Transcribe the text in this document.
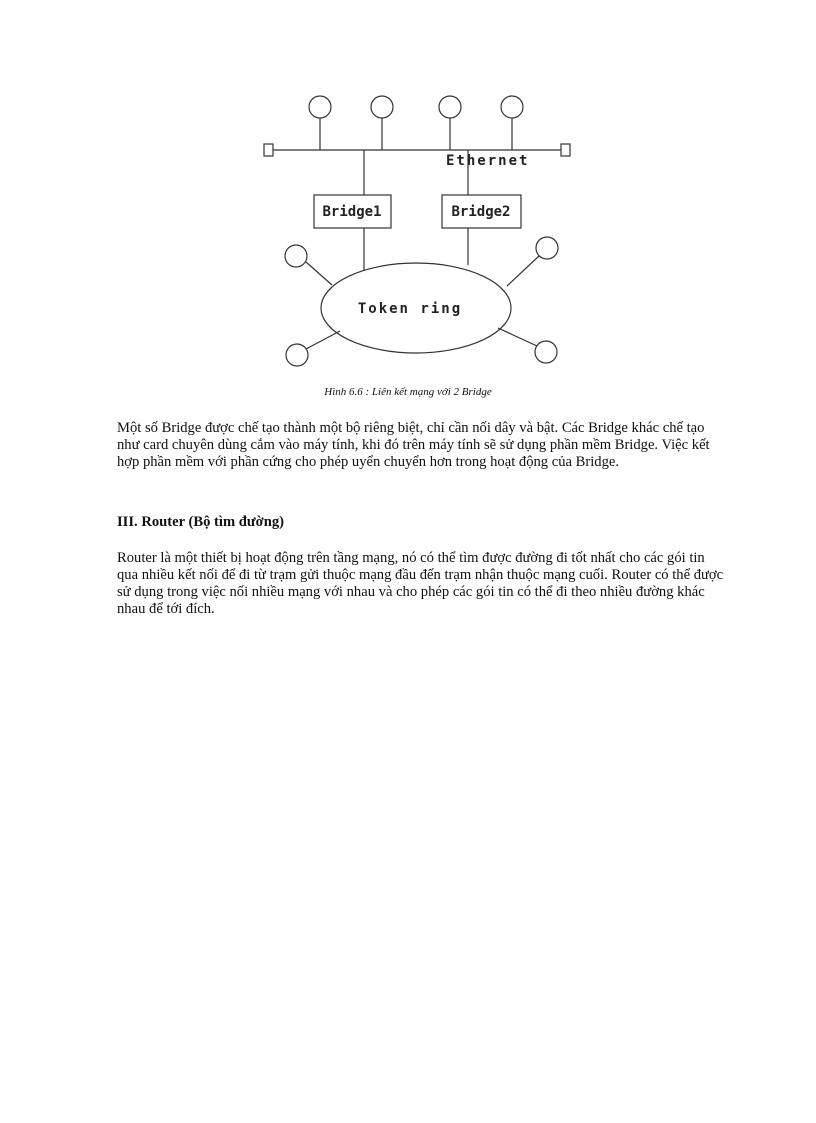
Ethernet
Bridge1	Bridge2
Token ring
Hình 6.6 : Liên kết mạng với 2 Bridge

Một số Bridge được chế tạo thành một bộ riêng biệt, chỉ cần nối dây và bật. Các Bridge khác chế tạo như card chuyên dùng cắm vào máy tính, khi đó trên máy tính sẽ sử dụng phần mềm Bridge. Việc kết hợp phần mềm với phần cứng cho phép uyển chuyển hơn trong hoạt động của Bridge.

III. Router (Bộ tìm đường)

Router là một thiết bị hoạt động trên tầng mạng, nó có thể tìm được đường đi tốt nhất cho các gói tin qua nhiều kết nối để đi từ trạm gửi thuộc mạng đầu đến trạm nhận thuộc mạng cuối. Router có thể được sử dụng trong việc nối nhiều mạng với nhau và cho phép các gói tin có thể đi theo nhiều đường khác nhau để tới đích.
